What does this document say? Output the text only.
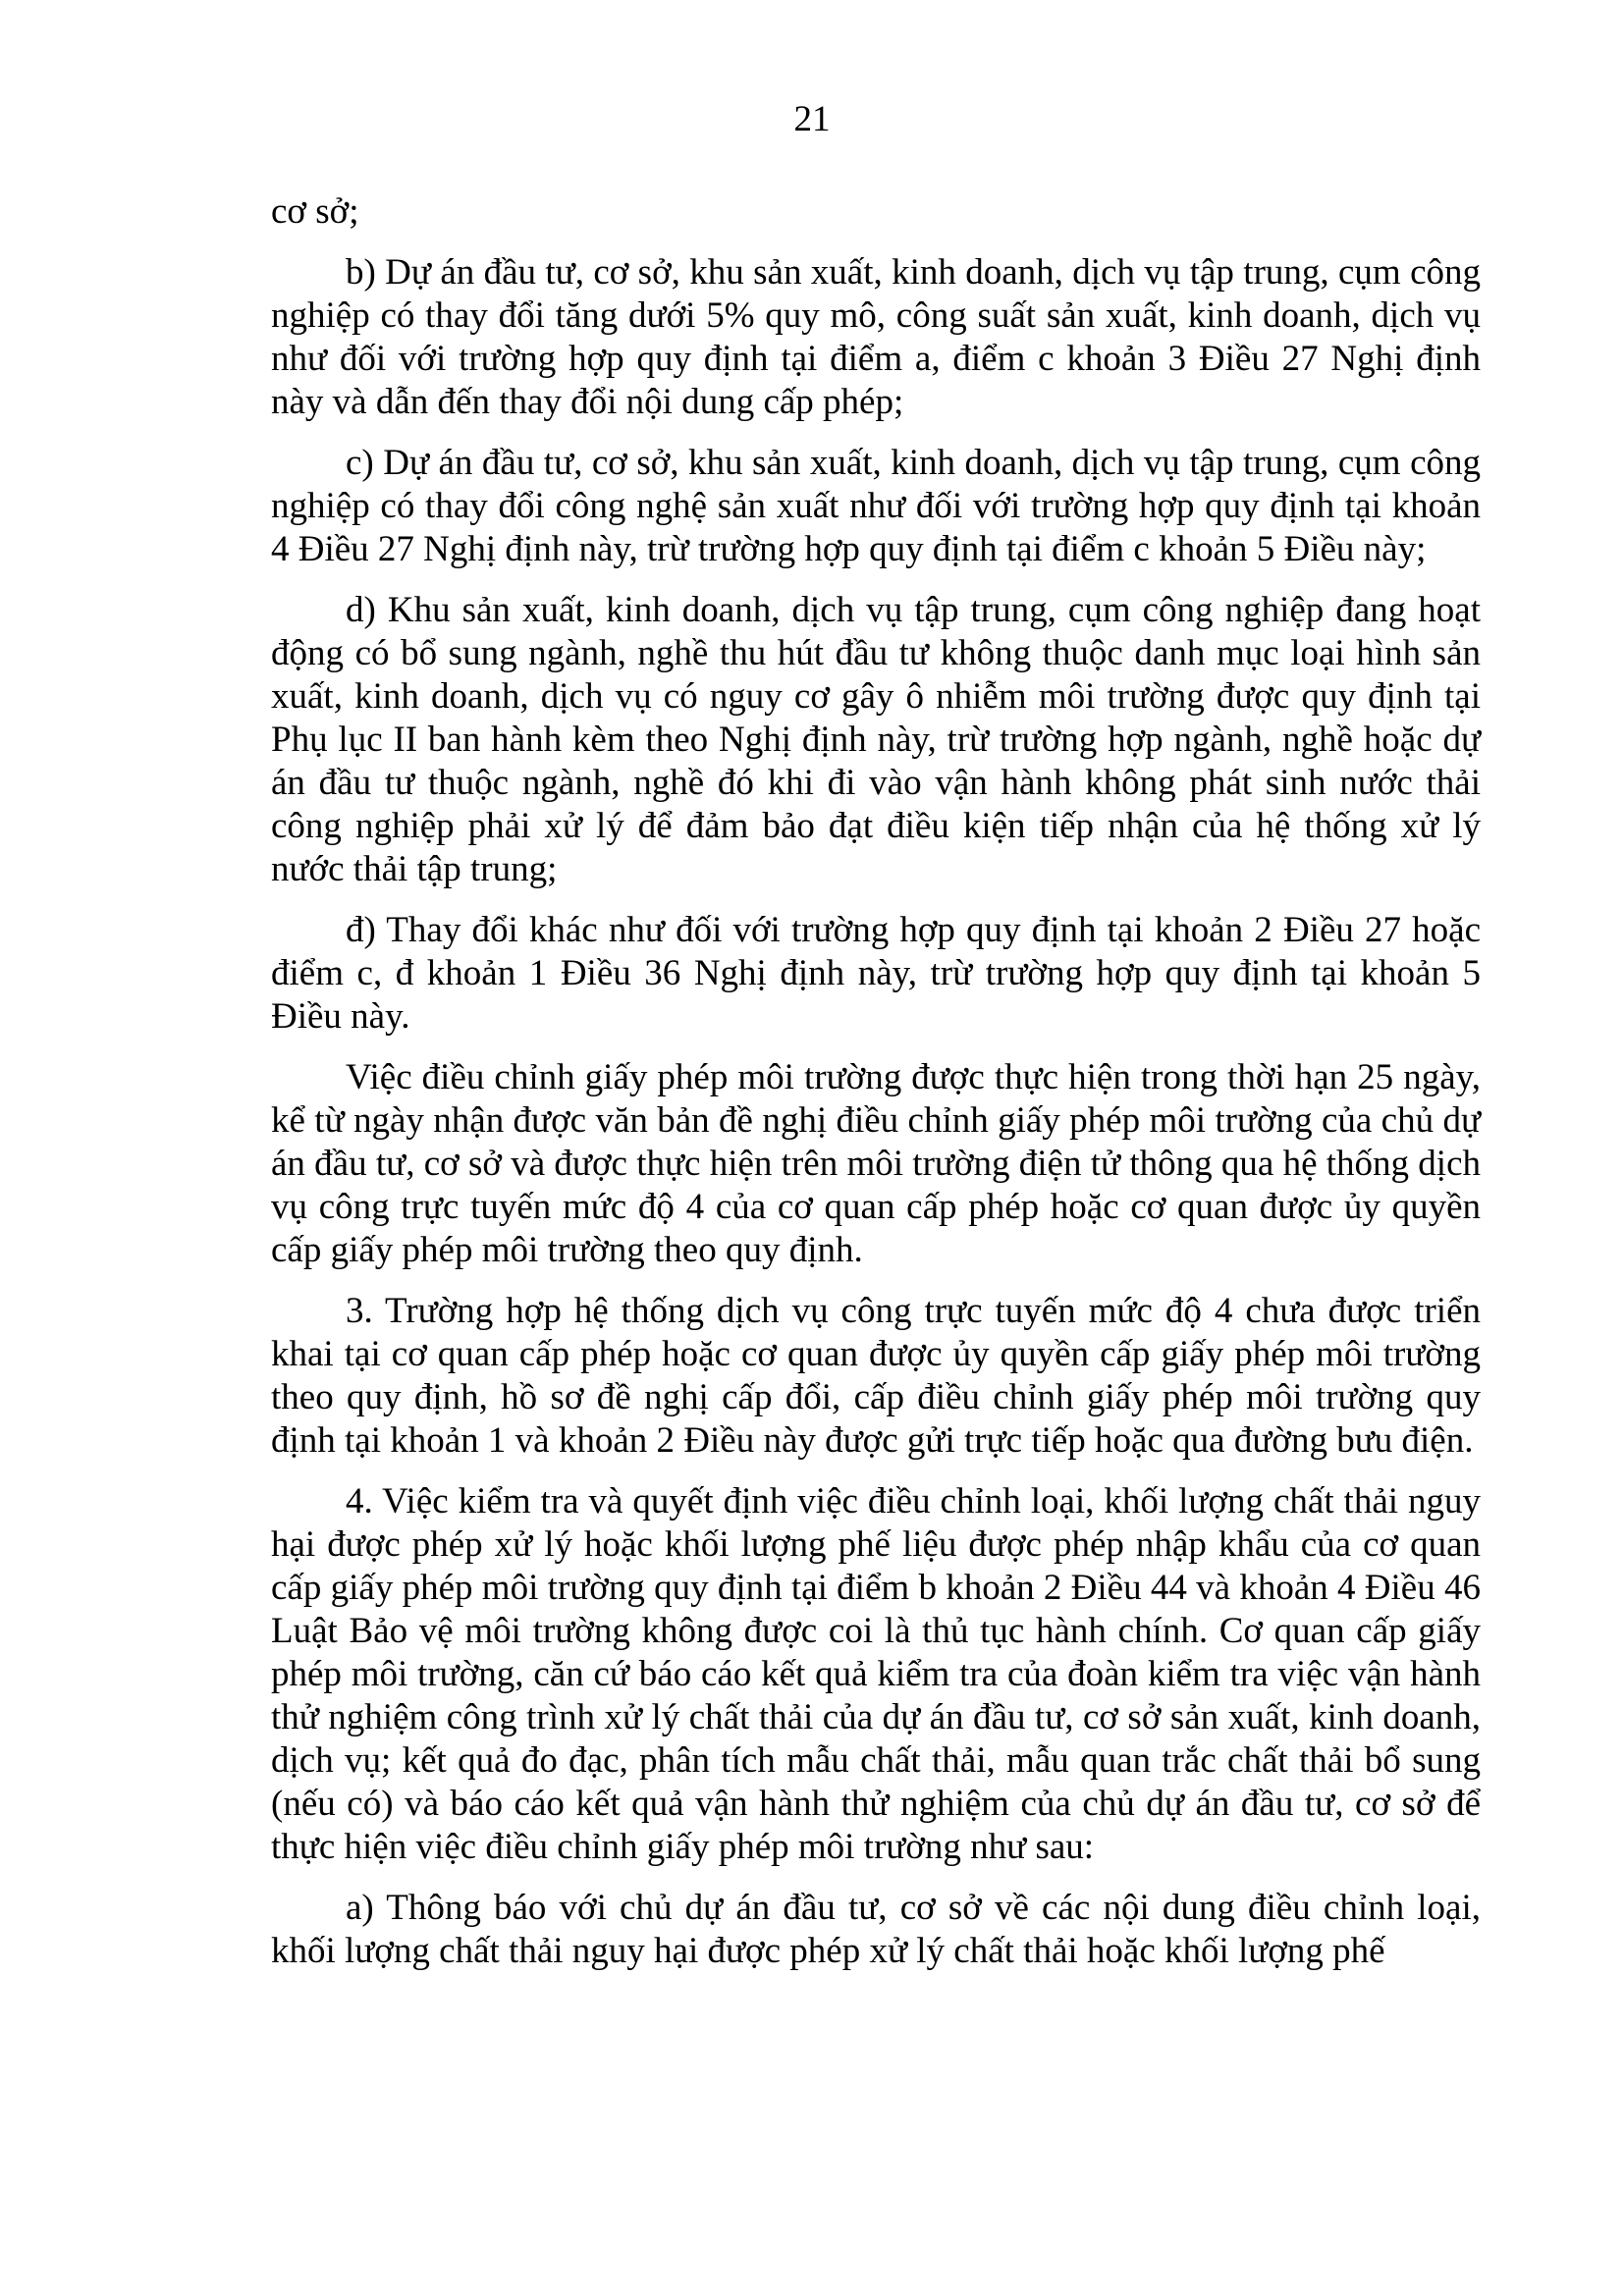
21

cơ sở;

b) Dự án đầu tư, cơ sở, khu sản xuất, kinh doanh, dịch vụ tập trung, cụm công nghiệp có thay đổi tăng dưới 5% quy mô, công suất sản xuất, kinh doanh, dịch vụ như đối với trường hợp quy định tại điểm a, điểm c khoản 3 Điều 27 Nghị định này và dẫn đến thay đổi nội dung cấp phép;

c) Dự án đầu tư, cơ sở, khu sản xuất, kinh doanh, dịch vụ tập trung, cụm công nghiệp có thay đổi công nghệ sản xuất như đối với trường hợp quy định tại khoản 4 Điều 27 Nghị định này, trừ trường hợp quy định tại điểm c khoản 5 Điều này;

d) Khu sản xuất, kinh doanh, dịch vụ tập trung, cụm công nghiệp đang hoạt động có bổ sung ngành, nghề thu hút đầu tư không thuộc danh mục loại hình sản xuất, kinh doanh, dịch vụ có nguy cơ gây ô nhiễm môi trường được quy định tại Phụ lục II ban hành kèm theo Nghị định này, trừ trường hợp ngành, nghề hoặc dự án đầu tư thuộc ngành, nghề đó khi đi vào vận hành không phát sinh nước thải công nghiệp phải xử lý để đảm bảo đạt điều kiện tiếp nhận của hệ thống xử lý nước thải tập trung;

đ) Thay đổi khác như đối với trường hợp quy định tại khoản 2 Điều 27 hoặc điểm c, đ khoản 1 Điều 36 Nghị định này, trừ trường hợp quy định tại khoản 5 Điều này.

Việc điều chỉnh giấy phép môi trường được thực hiện trong thời hạn 25 ngày, kể từ ngày nhận được văn bản đề nghị điều chỉnh giấy phép môi trường của chủ dự án đầu tư, cơ sở và được thực hiện trên môi trường điện tử thông qua hệ thống dịch vụ công trực tuyến mức độ 4 của cơ quan cấp phép hoặc cơ quan được ủy quyền cấp giấy phép môi trường theo quy định.

3. Trường hợp hệ thống dịch vụ công trực tuyến mức độ 4 chưa được triển khai tại cơ quan cấp phép hoặc cơ quan được ủy quyền cấp giấy phép môi trường theo quy định, hồ sơ đề nghị cấp đổi, cấp điều chỉnh giấy phép môi trường quy định tại khoản 1 và khoản 2 Điều này được gửi trực tiếp hoặc qua đường bưu điện.

4. Việc kiểm tra và quyết định việc điều chỉnh loại, khối lượng chất thải nguy hại được phép xử lý hoặc khối lượng phế liệu được phép nhập khẩu của cơ quan cấp giấy phép môi trường quy định tại điểm b khoản 2 Điều 44 và khoản 4 Điều 46 Luật Bảo vệ môi trường không được coi là thủ tục hành chính. Cơ quan cấp giấy phép môi trường, căn cứ báo cáo kết quả kiểm tra của đoàn kiểm tra việc vận hành thử nghiệm công trình xử lý chất thải của dự án đầu tư, cơ sở sản xuất, kinh doanh, dịch vụ; kết quả đo đạc, phân tích mẫu chất thải, mẫu quan trắc chất thải bổ sung (nếu có) và báo cáo kết quả vận hành thử nghiệm của chủ dự án đầu tư, cơ sở để thực hiện việc điều chỉnh giấy phép môi trường như sau:

a) Thông báo với chủ dự án đầu tư, cơ sở về các nội dung điều chỉnh loại, khối lượng chất thải nguy hại được phép xử lý chất thải hoặc khối lượng phế
